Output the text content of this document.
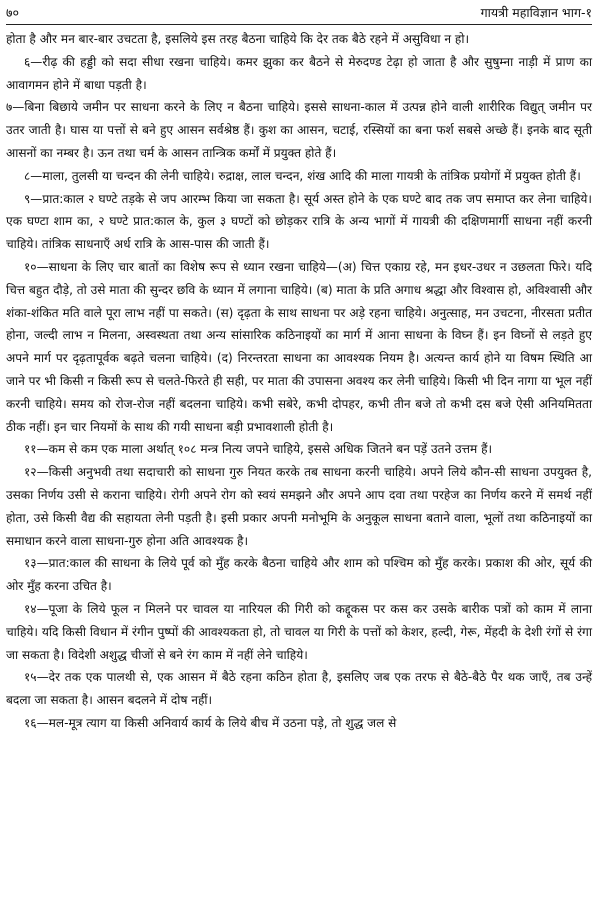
७०	गायत्री महाविज्ञान भाग-१

होता है और मन बार-बार उचटता है, इसलिये इस तरह बैठना चाहिये कि देर तक बैठे रहने में असुविधा न हो।

६—रीढ़ की हड्डी को सदा सीधा रखना चाहिये। कमर झुका कर बैठने से मेरुदण्ड टेढ़ा हो जाता है और सुषुम्ना नाड़ी में प्राण का आवागमन होने में बाधा पड़ती है।

७—बिना बिछाये जमीन पर साधना करने के लिए न बैठना चाहिये। इससे साधना-काल में उत्पन्न होने वाली शारीरिक विद्युत् जमीन पर उतर जाती है। घास या पत्तों से बने हुए आसन सर्वश्रेष्ठ हैं। कुश का आसन, चटाई, रस्सियों का बना फर्श सबसे अच्छे हैं। इनके बाद सूती आसनों का नम्बर है। ऊन तथा चर्म के आसन तान्त्रिक कर्मों में प्रयुक्त होते हैं।

८—माला, तुलसी या चन्दन की लेनी चाहिये। रुद्राक्ष, लाल चन्दन, शंख आदि की माला गायत्री के तांत्रिक प्रयोगों में प्रयुक्त होती हैं।

९—प्रात:काल २ घण्टे तड़के से जप आरम्भ किया जा सकता है। सूर्य अस्त होने के एक घण्टे बाद तक जप समाप्त कर लेना चाहिये। एक घण्टा शाम का, २ घण्टे प्रात:काल के, कुल ३ घण्टों को छोड़कर रात्रि के अन्य भागों में गायत्री की दक्षिणमार्गी साधना नहीं करनी चाहिये। तांत्रिक साधनाएँ अर्ध रात्रि के आस-पास की जाती हैं।

१०—साधना के लिए चार बातों का विशेष रूप से ध्यान रखना चाहिये—(अ) चित्त एकाग्र रहे, मन इधर-उधर न उछलता फिरे। यदि चित्त बहुत दौड़े, तो उसे माता की सुन्दर छवि के ध्यान में लगाना चाहिये। (ब) माता के प्रति अगाध श्रद्धा और विश्वास हो, अविश्वासी और शंका-शंकित मति वाले पूरा लाभ नहीं पा सकते। (स) दृढ़ता के साथ साधना पर अड़े रहना चाहिये। अनुत्साह, मन उचटना, नीरसता प्रतीत होना, जल्दी लाभ न मिलना, अस्वस्थता तथा अन्य सांसारिक कठिनाइयों का मार्ग में आना साधना के विघ्न हैं। इन विघ्नों से लड़ते हुए अपने मार्ग पर दृढ़तापूर्वक बढ़ते चलना चाहिये। (द) निरन्तरता साधना का आवश्यक नियम है। अत्यन्त कार्य होने या विषम स्थिति आ जाने पर भी किसी न किसी रूप से चलते-फिरते ही सही, पर माता की उपासना अवश्य कर लेनी चाहिये। किसी भी दिन नागा या भूल नहीं करनी चाहिये। समय को रोज-रोज नहीं बदलना चाहिये। कभी सबेरे, कभी दोपहर, कभी तीन बजे तो कभी दस बजे ऐसी अनियमितता ठीक नहीं। इन चार नियमों के साथ की गयी साधना बड़ी प्रभावशाली होती है।

११—कम से कम एक माला अर्थात् १०८ मन्त्र नित्य जपने चाहिये, इससे अधिक जितने बन पड़ें उतने उत्तम हैं।

१२—किसी अनुभवी तथा सदाचारी को साधना गुरु नियत करके तब साधना करनी चाहिये। अपने लिये कौन-सी साधना उपयुक्त है, उसका निर्णय उसी से कराना चाहिये। रोगी अपने रोग को स्वयं समझने और अपने आप दवा तथा परहेज का निर्णय करने में समर्थ नहीं होता, उसे किसी वैद्य की सहायता लेनी पड़ती है। इसी प्रकार अपनी मनोभूमि के अनुकूल साधना बताने वाला, भूलों तथा कठिनाइयों का समाधान करने वाला साधना-गुरु होना अति आवश्यक है।

१३—प्रात:काल की साधना के लिये पूर्व को मुँह करके बैठना चाहिये और शाम को पश्चिम को मुँह करके। प्रकाश की ओर, सूर्य की ओर मुँह करना उचित है।

१४—पूजा के लिये फूल न मिलने पर चावल या नारियल की गिरी को कद्दूकस पर कस कर उसके बारीक पत्रों को काम में लाना चाहिये। यदि किसी विधान में रंगीन पुष्पों की आवश्यकता हो, तो चावल या गिरी के पत्तों को केशर, हल्दी, गेरू, मेंहदी के देशी रंगों से रंगा जा सकता है। विदेशी अशुद्ध चीजों से बने रंग काम में नहीं लेने चाहिये।

१५—देर तक एक पालथी से, एक आसन में बैठे रहना कठिन होता है, इसलिए जब एक तरफ से बैठे-बैठे पैर थक जाएँ, तब उन्हें बदला जा सकता है। आसन बदलने में दोष नहीं।

१६—मल-मूत्र त्याग या किसी अनिवार्य कार्य के लिये बीच में उठना पड़े, तो शुद्ध जल से
